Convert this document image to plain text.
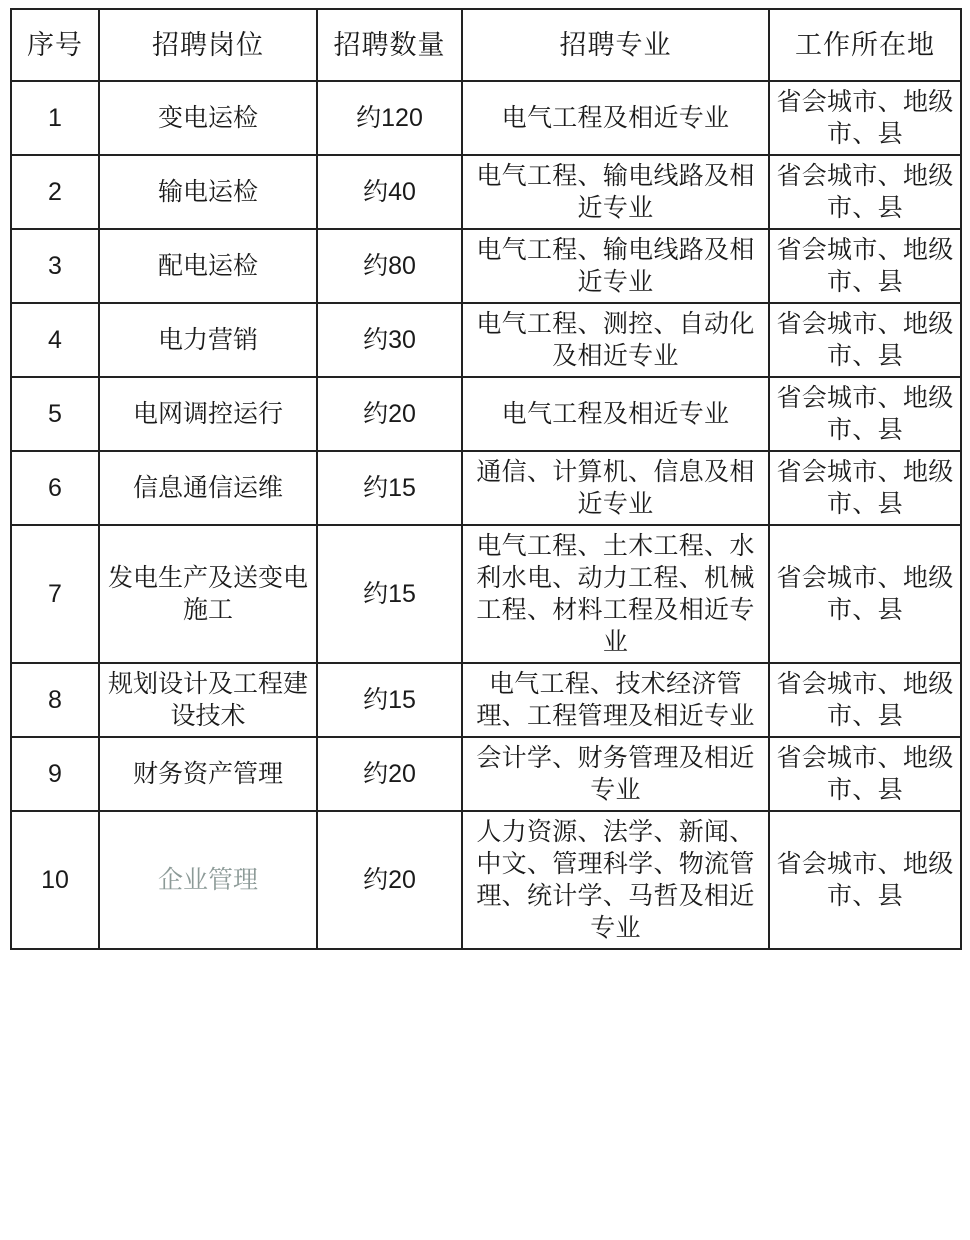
序号	招聘岗位	招聘数量	招聘专业	工作所在地
1	变电运检	约120	电气工程及相近专业	省会城市、地级市、县
2	输电运检	约40	电气工程、输电线路及相近专业	省会城市、地级市、县
3	配电运检	约80	电气工程、输电线路及相近专业	省会城市、地级市、县
4	电力营销	约30	电气工程、测控、自动化及相近专业	省会城市、地级市、县
5	电网调控运行	约20	电气工程及相近专业	省会城市、地级市、县
6	信息通信运维	约15	通信、计算机、信息及相近专业	省会城市、地级市、县
7	发电生产及送变电施工	约15	电气工程、土木工程、水利水电、动力工程、机械工程、材料工程及相近专业	省会城市、地级市、县
8	规划设计及工程建设技术	约15	电气工程、技术经济管理、工程管理及相近专业	省会城市、地级市、县
9	财务资产管理	约20	会计学、财务管理及相近专业	省会城市、地级市、县
10	企业管理	约20	人力资源、法学、新闻、中文、管理科学、物流管理、统计学、马哲及相近专业	省会城市、地级市、县
